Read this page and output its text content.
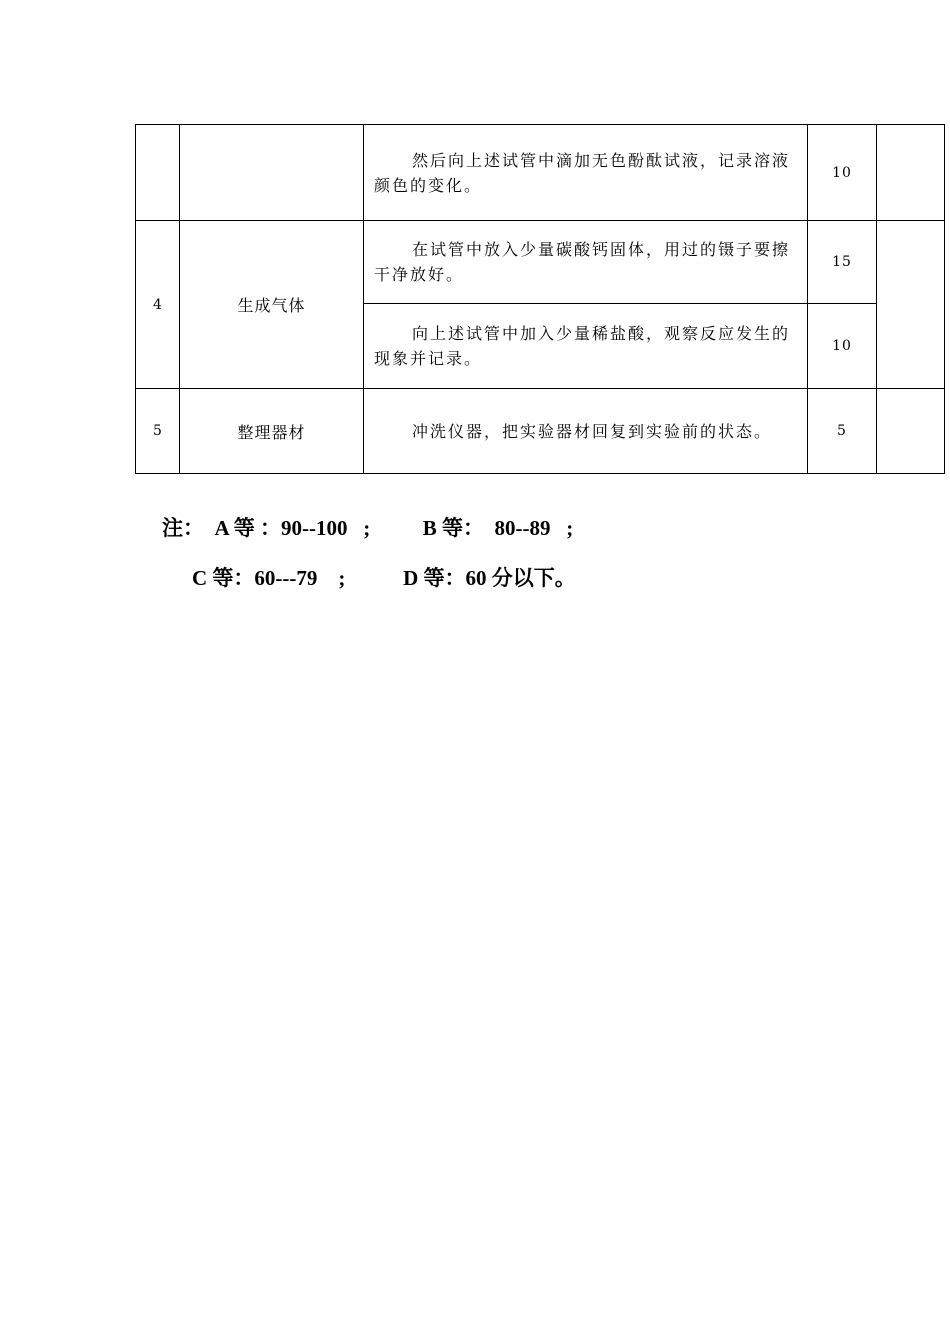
		然后向上述试管中滴加无色酚酞试液，记录溶液颜色的变化。	10	
4	生成气体	在试管中放入少量碳酸钙固体，用过的镊子要擦干净放好。	15	

		向上述试管中加入少量稀盐酸，观察反应发生的现象并记录。	10	
5	整理器材	冲洗仪器，把实验器材回复到实验前的状态。	5	
注：  A 等 ：90--100   ;          B 等：  80--89   ;
C 等：60---79    ;           D 等：60 分以下。
